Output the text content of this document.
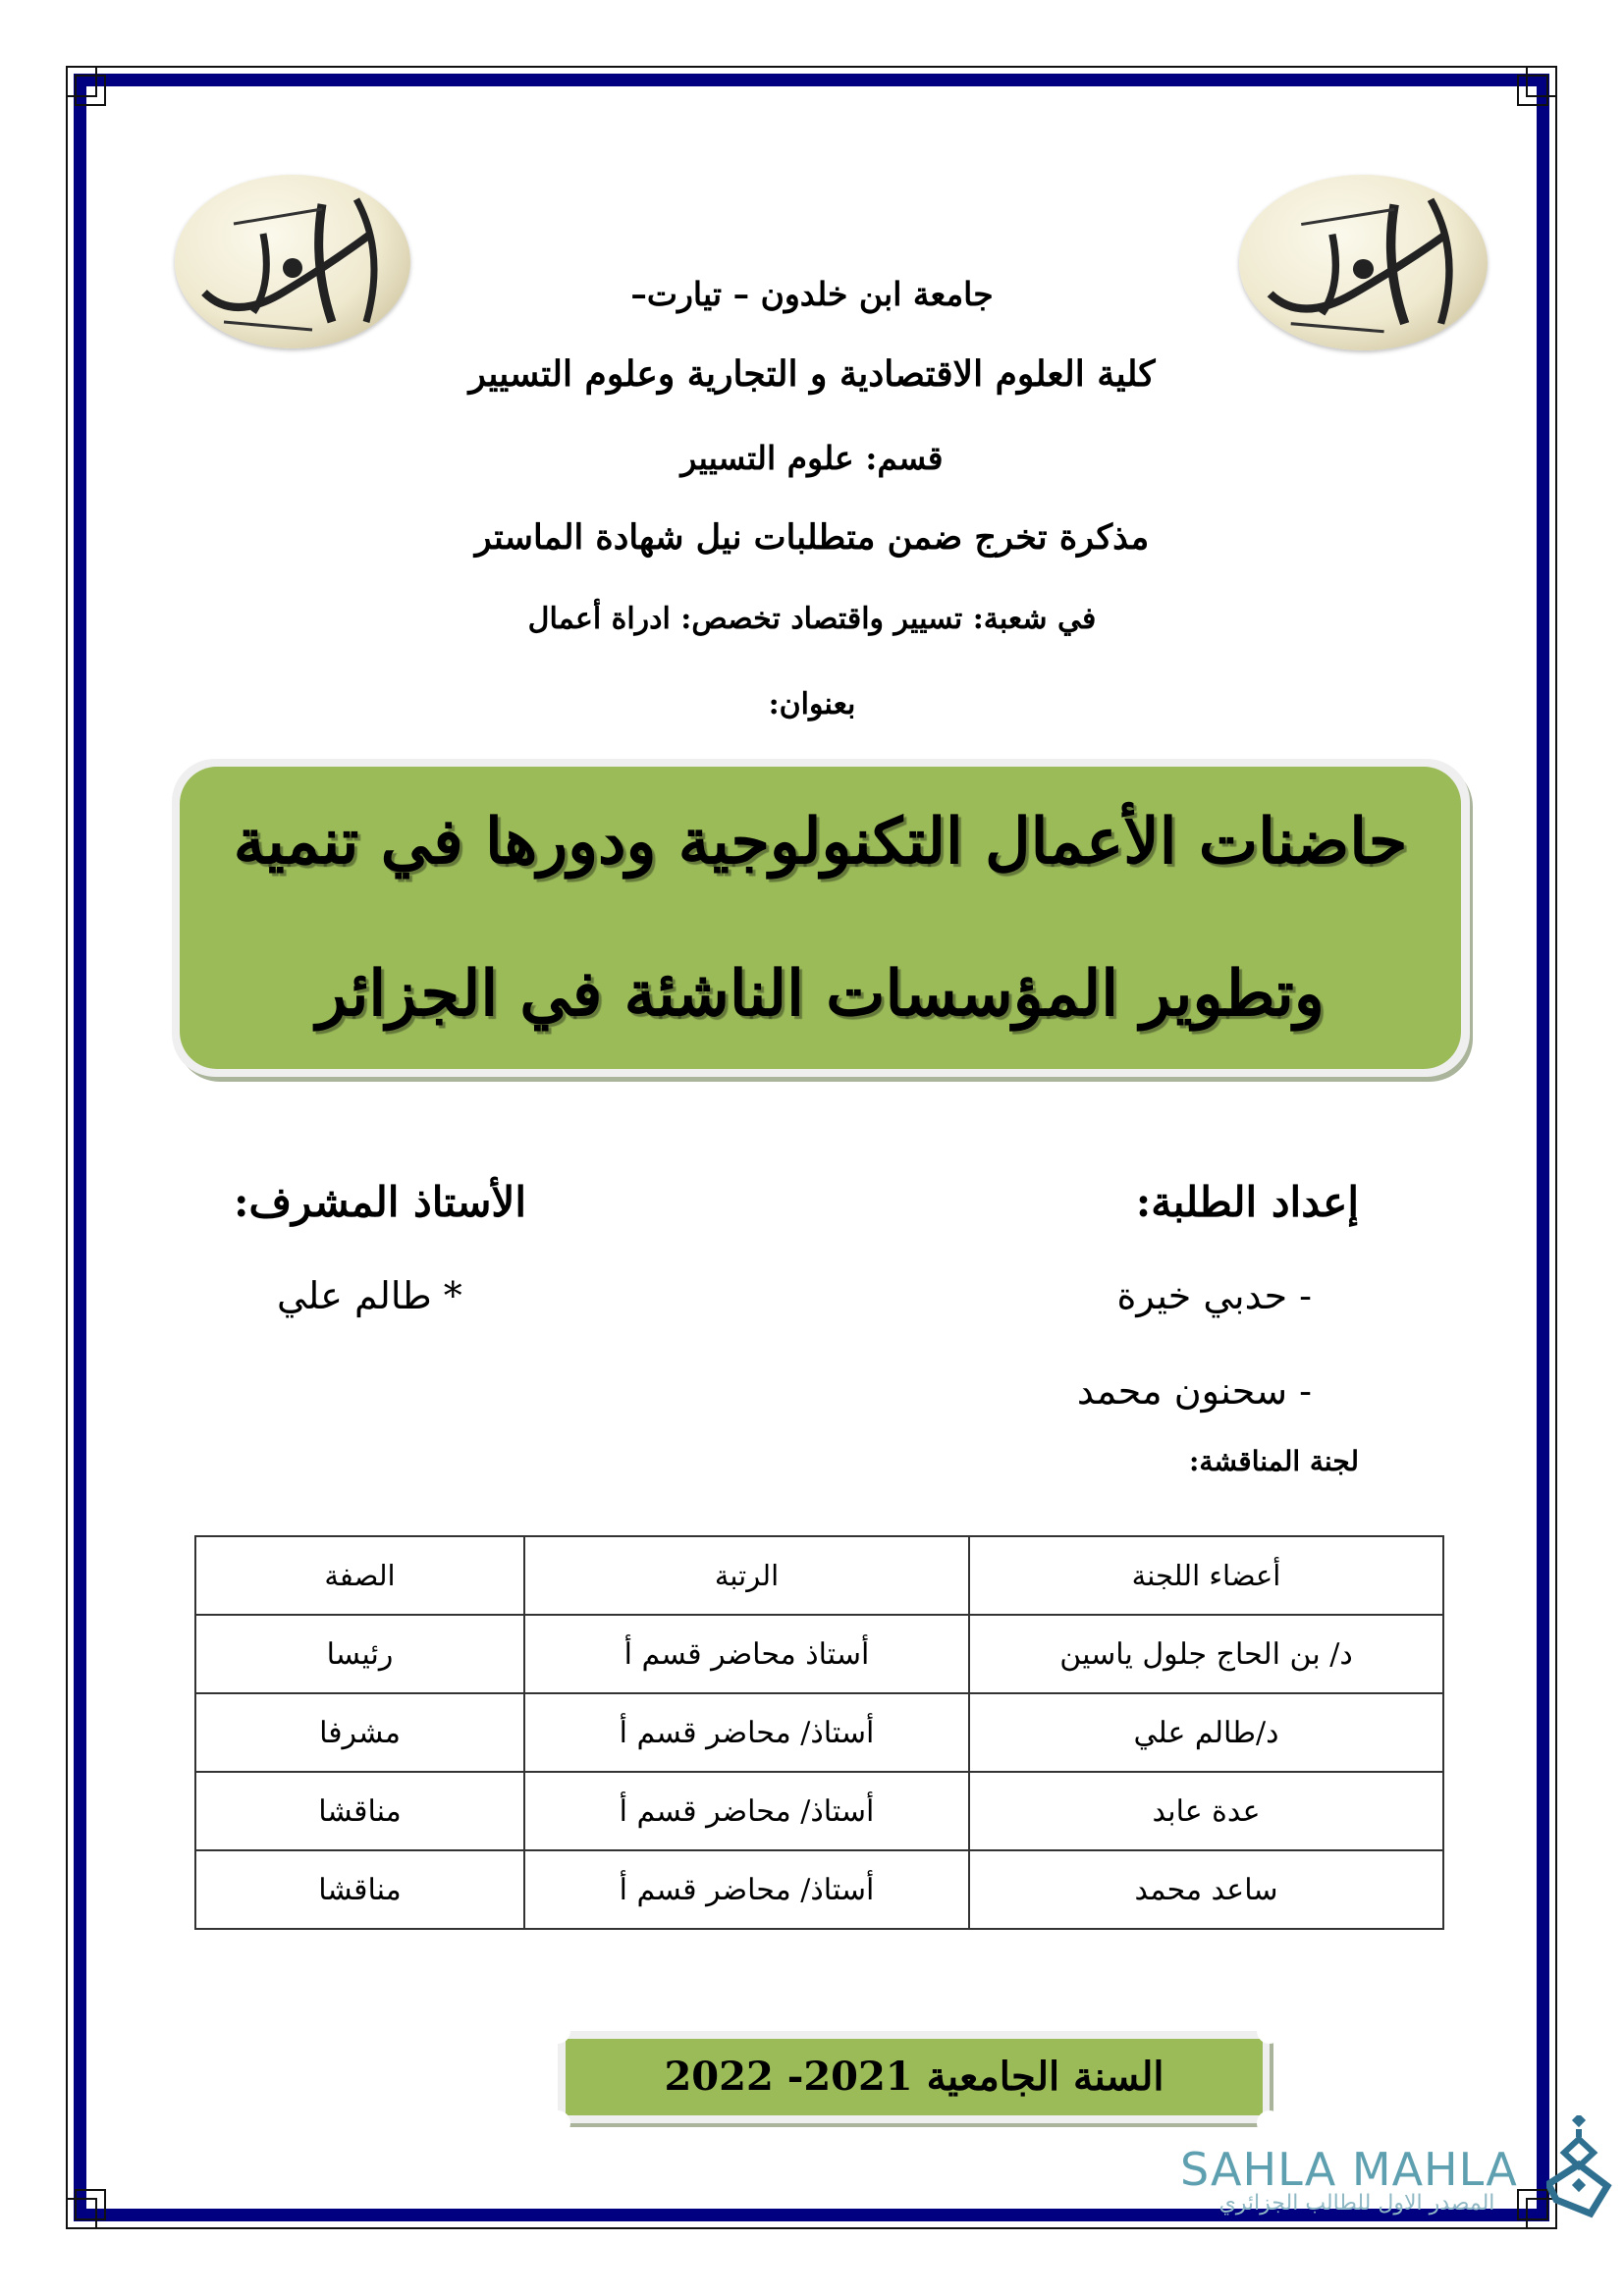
جامعة ابن خلدون – تيارت–
كلية العلوم الاقتصادية و التجارية وعلوم التسيير
قسم: علوم التسيير
مذكرة تخرج ضمن متطلبات نيل شهادة الماستر
في شعبة: تسيير واقتصاد تخصص: ادراة أعمال
بعنوان:
حاضنات الأعمال التكنولوجية ودورها في تنمية
وتطوير المؤسسات الناشئة في الجزائر
إعداد الطلبة:
- حدبي خيرة
- سحنون محمد
الأستاذ المشرف:
* طالم علي
لجنة المناقشة:
أعضاء اللجنة	الرتبة	الصفة
د/ بن الحاج جلول ياسين	أستاذ محاضر قسم أ	رئيسا
د/طالم علي	أستاذ/ محاضر قسم أ	مشرفا
عدة عابد	أستاذ/ محاضر قسم أ	مناقشا
ساعد محمد	أستاذ/ محاضر قسم أ	مناقشا
السنة الجامعية 2021- 2022
SAHLA MAHLA
المصدر الاول للطالب الجزائري
